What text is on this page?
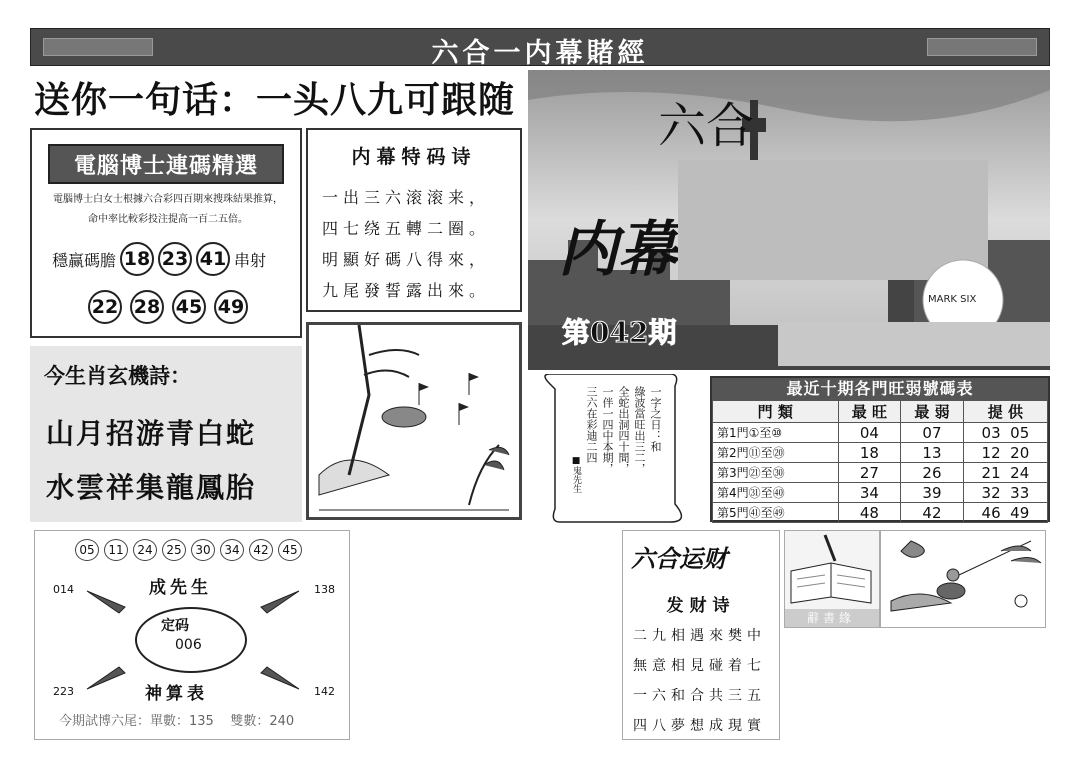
六合一内幕賭經
送你一句话：一头八九可跟随
電腦博士連碼精選
電腦博士白女士根據六合彩四百期來搜珠結果推算，命中率比較彩投注提高一百二五倍。
穩赢碼膽 18 23 41 串射
22 28 45 49
内幕特码诗
一出三六滚滚来，
四七绕五轉二圈。
明顯好碼八得來，
九尾發誓露出來。
六合
内幕
MARK SIX
第042期
今生肖玄機詩：
山月招游青白蛇
水雲祥集龍鳳胎
一字之日：和
綠波當旺出三二，
全蛇出洞四十間，
一伴一四中本期，
三六在彩迪二四
■鬼先生
最近十期各門旺弱號碼表
門 類	最 旺	最 弱	提 供
第1門①至⑩	04	07	03  05
第2門⑪至⑳	18	13	12  20
第3門㉑至㉚	27	26	21  24
第4門㉛至㊵	34	39	32  33
第5門㊶至㊾	48	42	46  49
05	11	24	25	30	34	42	45
014	138
223	142
成先生
定码
006
神算表
今期試博六尾：單數：135    雙數：240
六合运财
发财诗
二九相遇來樊中
無意相見碰着七
一六和合共三五
四八夢想成現實
辭書緣
